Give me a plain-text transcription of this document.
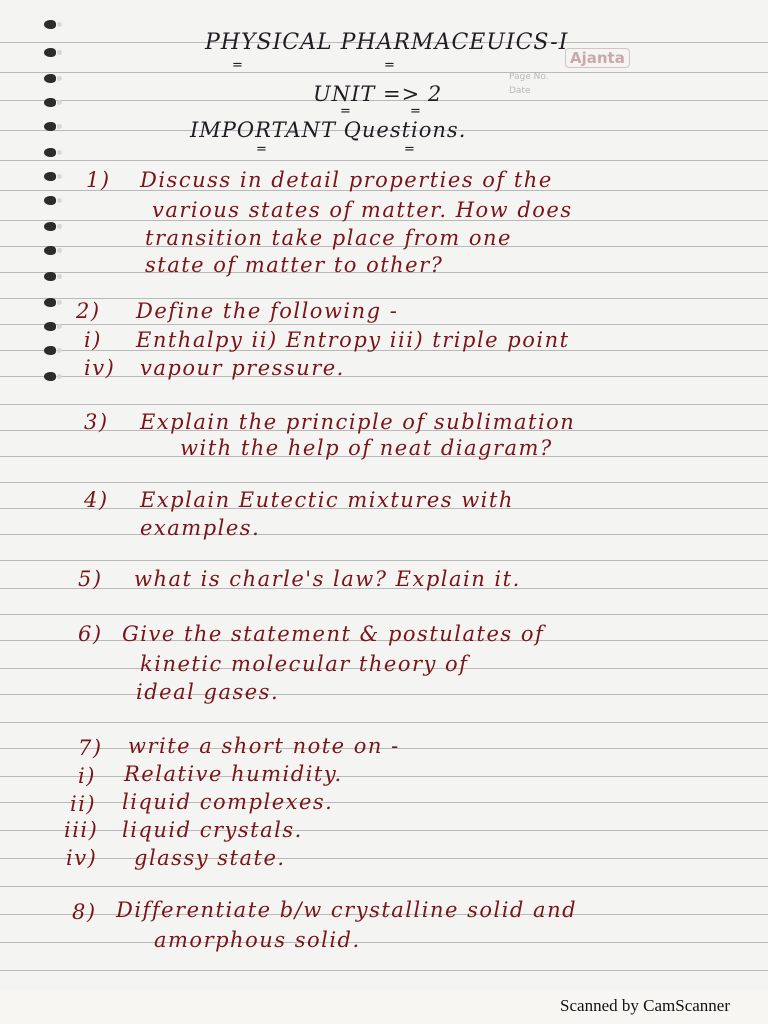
Ajanta
Page No.
Date
PHYSICAL PHARMACEUICS-I
=	=
UNIT => 2
=	=
IMPORTANT Questions.
=	=
1) Discuss in detail properties of the
various states of matter. How does
transition take place from one
state of matter to other?
2) Define the following -
i) Enthalpy ii) Entropy iii) triple point
iv) vapour pressure.
3) Explain the principle of sublimation
with the help of neat diagram?
4) Explain Eutectic mixtures with
examples.
5) what is charle's law? Explain it.
6) Give the statement & postulates of
kinetic molecular theory of
ideal gases.
7) write a short note on -
i) Relative humidity.
ii) liquid complexes.
iii) liquid crystals.
iv) glassy state.
8) Differentiate b/w crystalline solid and
amorphous solid.
Scanned by CamScanner
